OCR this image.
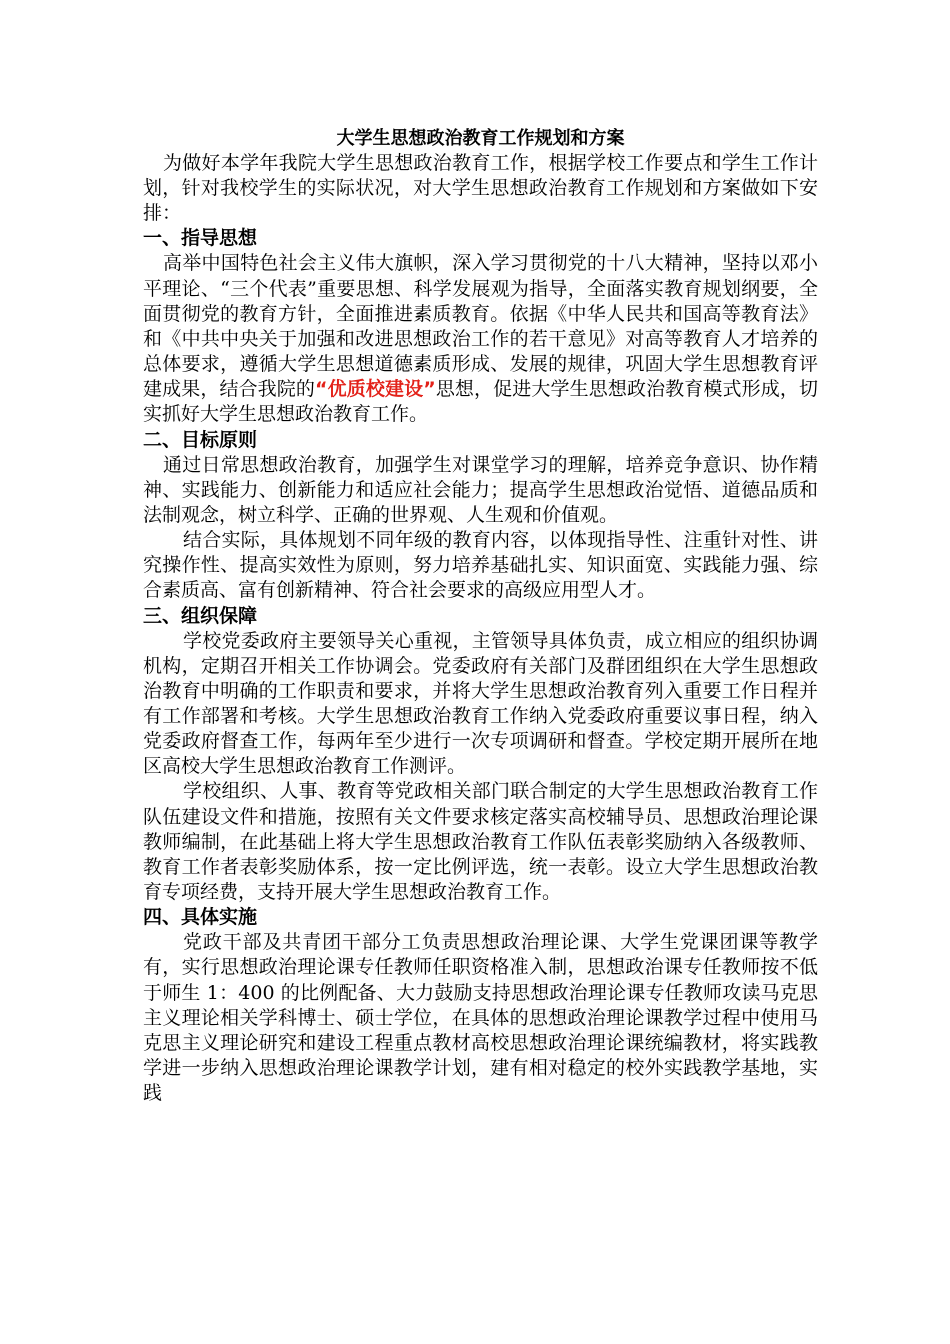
大学生思想政治教育工作规划和方案

为做好本学年我院大学生思想政治教育工作，根据学校工作要点和学生工作计划，针对我校学生的实际状况，对大学生思想政治教育工作规划和方案做如下安排：

一、指导思想

高举中国特色社会主义伟大旗帜，深入学习贯彻党的十八大精神，坚持以邓小平理论、“三个代表”重要思想、科学发展观为指导，全面落实教育规划纲要，全面贯彻党的教育方针，全面推进素质教育。依据《中华人民共和国高等教育法》和《中共中央关于加强和改进思想政治工作的若干意见》对高等教育人才培养的总体要求，遵循大学生思想道德素质形成、发展的规律，巩固大学生思想教育评建成果，结合我院的“优质校建设”思想，促进大学生思想政治教育模式形成，切实抓好大学生思想政治教育工作。

二、目标原则

通过日常思想政治教育，加强学生对课堂学习的理解，培养竞争意识、协作精神、实践能力、创新能力和适应社会能力；提高学生思想政治觉悟、道德品质和法制观念，树立科学、正确的世界观、人生观和价值观。

结合实际，具体规划不同年级的教育内容，以体现指导性、注重针对性、讲究操作性、提高实效性为原则，努力培养基础扎实、知识面宽、实践能力强、综合素质高、富有创新精神、符合社会要求的高级应用型人才。

三、组织保障

学校党委政府主要领导关心重视，主管领导具体负责，成立相应的组织协调机构，定期召开相关工作协调会。党委政府有关部门及群团组织在大学生思想政治教育中明确的工作职责和要求，并将大学生思想政治教育列入重要工作日程并有工作部署和考核。大学生思想政治教育工作纳入党委政府重要议事日程，纳入党委政府督查工作，每两年至少进行一次专项调研和督查。学校定期开展所在地区高校大学生思想政治教育工作测评。

学校组织、人事、教育等党政相关部门联合制定的大学生思想政治教育工作队伍建设文件和措施，按照有关文件要求核定落实高校辅导员、思想政治理论课教师编制，在此基础上将大学生思想政治教育工作队伍表彰奖励纳入各级教师、教育工作者表彰奖励体系，按一定比例评选，统一表彰。设立大学生思想政治教育专项经费，支持开展大学生思想政治教育工作。

四、具体实施

党政干部及共青团干部分工负责思想政治理论课、大学生党课团课等教学有，实行思想政治理论课专任教师任职资格准入制，思想政治课专任教师按不低于师生 1：400 的比例配备、大力鼓励支持思想政治理论课专任教师攻读马克思主义理论相关学科博士、硕士学位，在具体的思想政治理论课教学过程中使用马克思主义理论研究和建设工程重点教材高校思想政治理论课统编教材，将实践教学进一步纳入思想政治理论课教学计划，建有相对稳定的校外实践教学基地，实践
